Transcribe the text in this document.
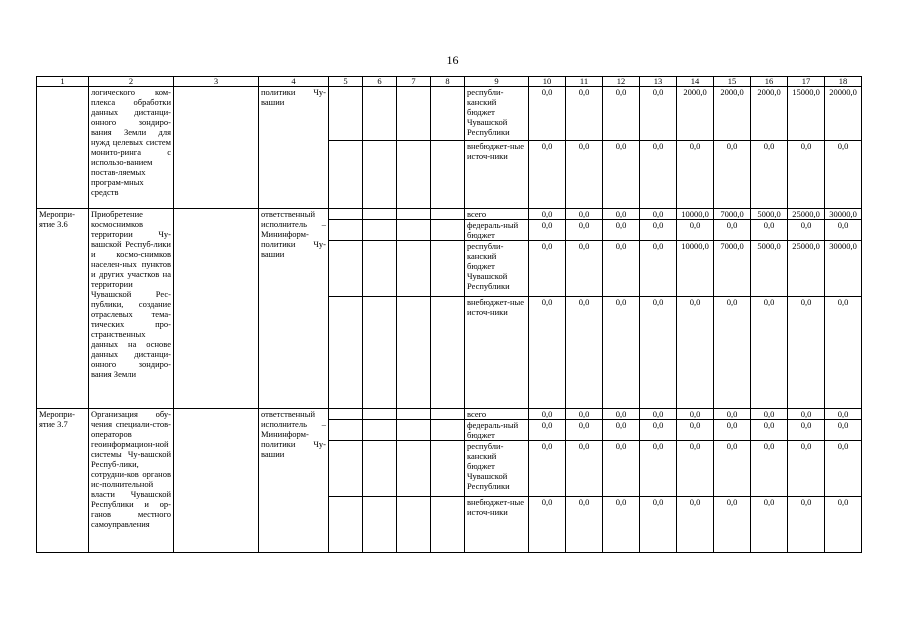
16
1	2	3	4	5	6	7	8	9	10	11	12	13	14	15	16	17	18
	логического ком-плекса обработки данных дистанци-онного зондиро-вания Земли для нужд целевых систем монито-ринга с использо-ванием постав-ляемых програм-мных средств		политики Чу-вашии					республи-канский бюджет Чувашской Республики	0,0	0,0	0,0	0,0	2000,0	2000,0	2000,0	15000,0	20000,0
								внебюджет-ные источ-ники	0,0	0,0	0,0	0,0	0,0	0,0	0,0	0,0	0,0
Меропри-ятие 3.6	Приобретение космоснимков территории Чу-вашской Респуб-лики и космо-снимков населен-ных пунктов и других участков на территории Чувашской Рес-публики, создание отраслевых тема-тических про-странственных данных на основе данных дистанци-онного зондиро-вания Земли		ответственный исполнитель – Мининформ-политики Чу-вашии					всего	0,0	0,0	0,0	0,0	10000,0	7000,0	5000,0	25000,0	30000,0
								федераль-ный бюджет	0,0	0,0	0,0	0,0	0,0	0,0	0,0	0,0	0,0
								республи-канский бюджет Чувашской Республики	0,0	0,0	0,0	0,0	10000,0	7000,0	5000,0	25000,0	30000,0
								внебюджет-ные источ-ники	0,0	0,0	0,0	0,0	0,0	0,0	0,0	0,0	0,0
Меропри-ятие 3.7	Организация обу-чения специали-стов-операторов геоинформацион-ной системы Чу-вашской Респуб-лики, сотрудни-ков органов ис-полнительной власти Чувашской Республики и ор-ганов местного самоуправления		ответственный исполнитель – Мининформ-политики Чу-вашии					всего	0,0	0,0	0,0	0,0	0,0	0,0	0,0	0,0	0,0
								федераль-ный бюджет	0,0	0,0	0,0	0,0	0,0	0,0	0,0	0,0	0,0
								республи-канский бюджет Чувашской Республики	0,0	0,0	0,0	0,0	0,0	0,0	0,0	0,0	0,0
								внебюджет-ные источ-ники	0,0	0,0	0,0	0,0	0,0	0,0	0,0	0,0	0,0
